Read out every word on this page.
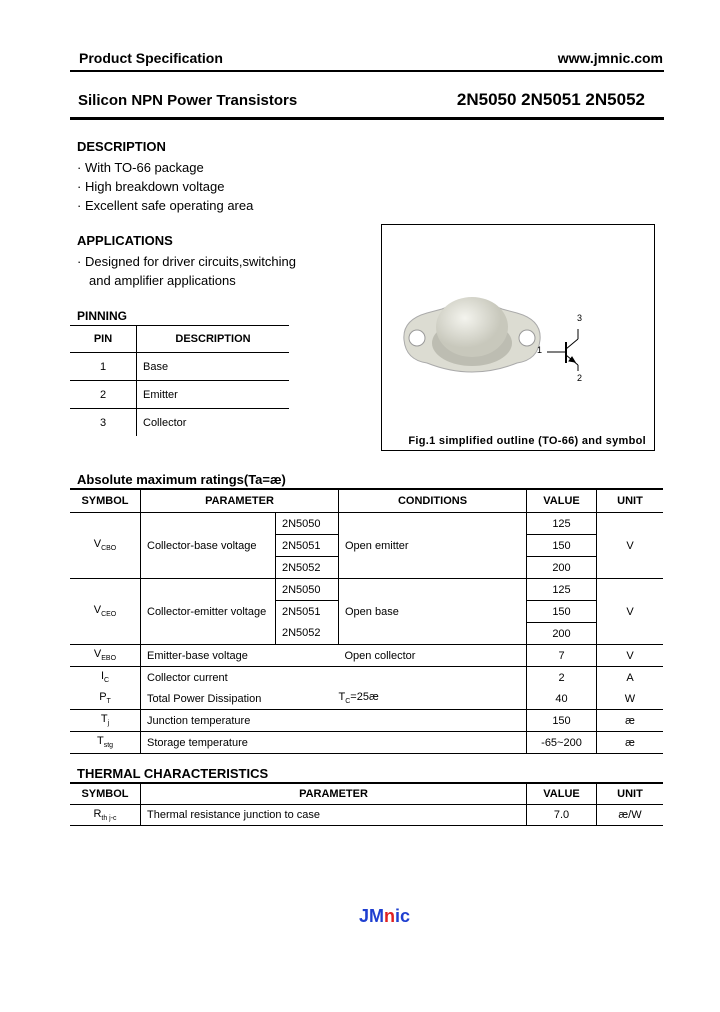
Product Specification	www.jmnic.com
Silicon NPN Power Transistors	2N5050 2N5051 2N5052
DESCRIPTION
· With TO-66 package
· High breakdown voltage
· Excellent safe operating area
APPLICATIONS
· Designed for driver circuits,switching
and amplifier applications
PINNING
PIN	DESCRIPTION
1	Base
2	Emitter
3	Collector
1
2
3
Fig.1 simplified outline (TO-66) and symbol
Absolute maximum ratings(Ta=æ)
SYMBOL	PARAMETER		CONDITIONS	VALUE	UNIT
$V_{CBO}$	Collector-base voltage	2N5050	Open emitter	125	V
		2N5051		150	
		2N5052		200	
$V_{CEO}$	Collector-emitter voltage	2N5050	Open base	125	V
		2N5051		150	
		2N5052		200	
$V_{EBO}$	Emitter-base voltage		Open collector	7	V
$I_C$	Collector current			2	A
$P_T$	Total Power Dissipation		$T_C=25æ$	40	W
$T_j$	Junction temperature			150	æ
$T_{stg}$	Storage temperature			-65~200	æ
THERMAL CHARACTERISTICS
SYMBOL	PARAMETER	VALUE	UNIT
$R_{th j-c}$	Thermal resistance junction to case	7.0	æ/W
JMnic
